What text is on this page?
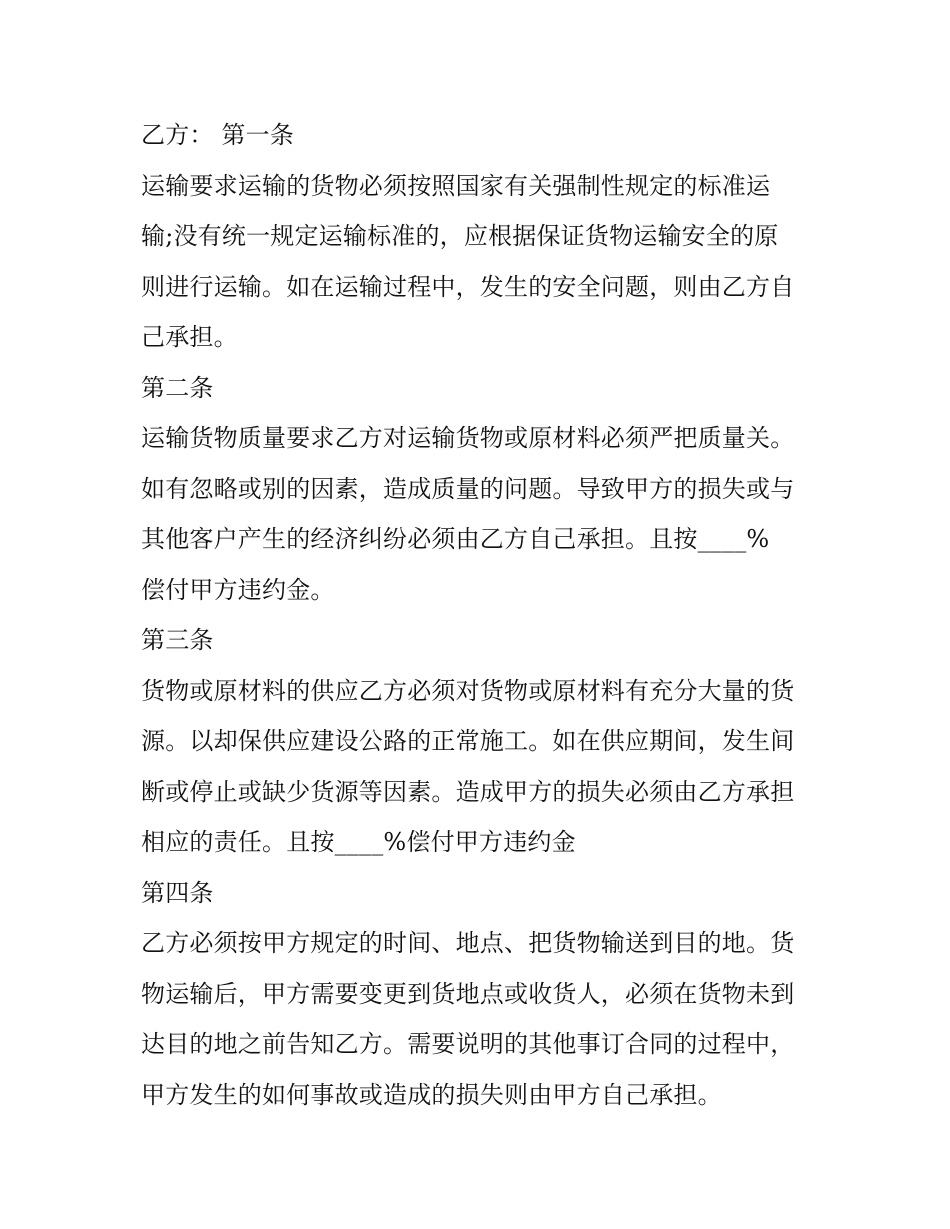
乙方： 第一条
运输要求运输的货物必须按照国家有关强制性规定的标准运
输;没有统一规定运输标准的，应根据保证货物运输安全的原
则进行运输。如在运输过程中，发生的安全问题，则由乙方自
己承担。
第二条
运输货物质量要求乙方对运输货物或原材料必须严把质量关。
如有忽略或别的因素，造成质量的问题。导致甲方的损失或与
其他客户产生的经济纠纷必须由乙方自己承担。且按____%
偿付甲方违约金。
第三条
货物或原材料的供应乙方必须对货物或原材料有充分大量的货
源。以却保供应建设公路的正常施工。如在供应期间，发生间
断或停止或缺少货源等因素。造成甲方的损失必须由乙方承担
相应的责任。且按____%偿付甲方违约金
第四条
乙方必须按甲方规定的时间、地点、把货物输送到目的地。货
物运输后，甲方需要变更到货地点或收货人，必须在货物未到
达目的地之前告知乙方。需要说明的其他事订合同的过程中，
甲方发生的如何事故或造成的损失则由甲方自己承担。
